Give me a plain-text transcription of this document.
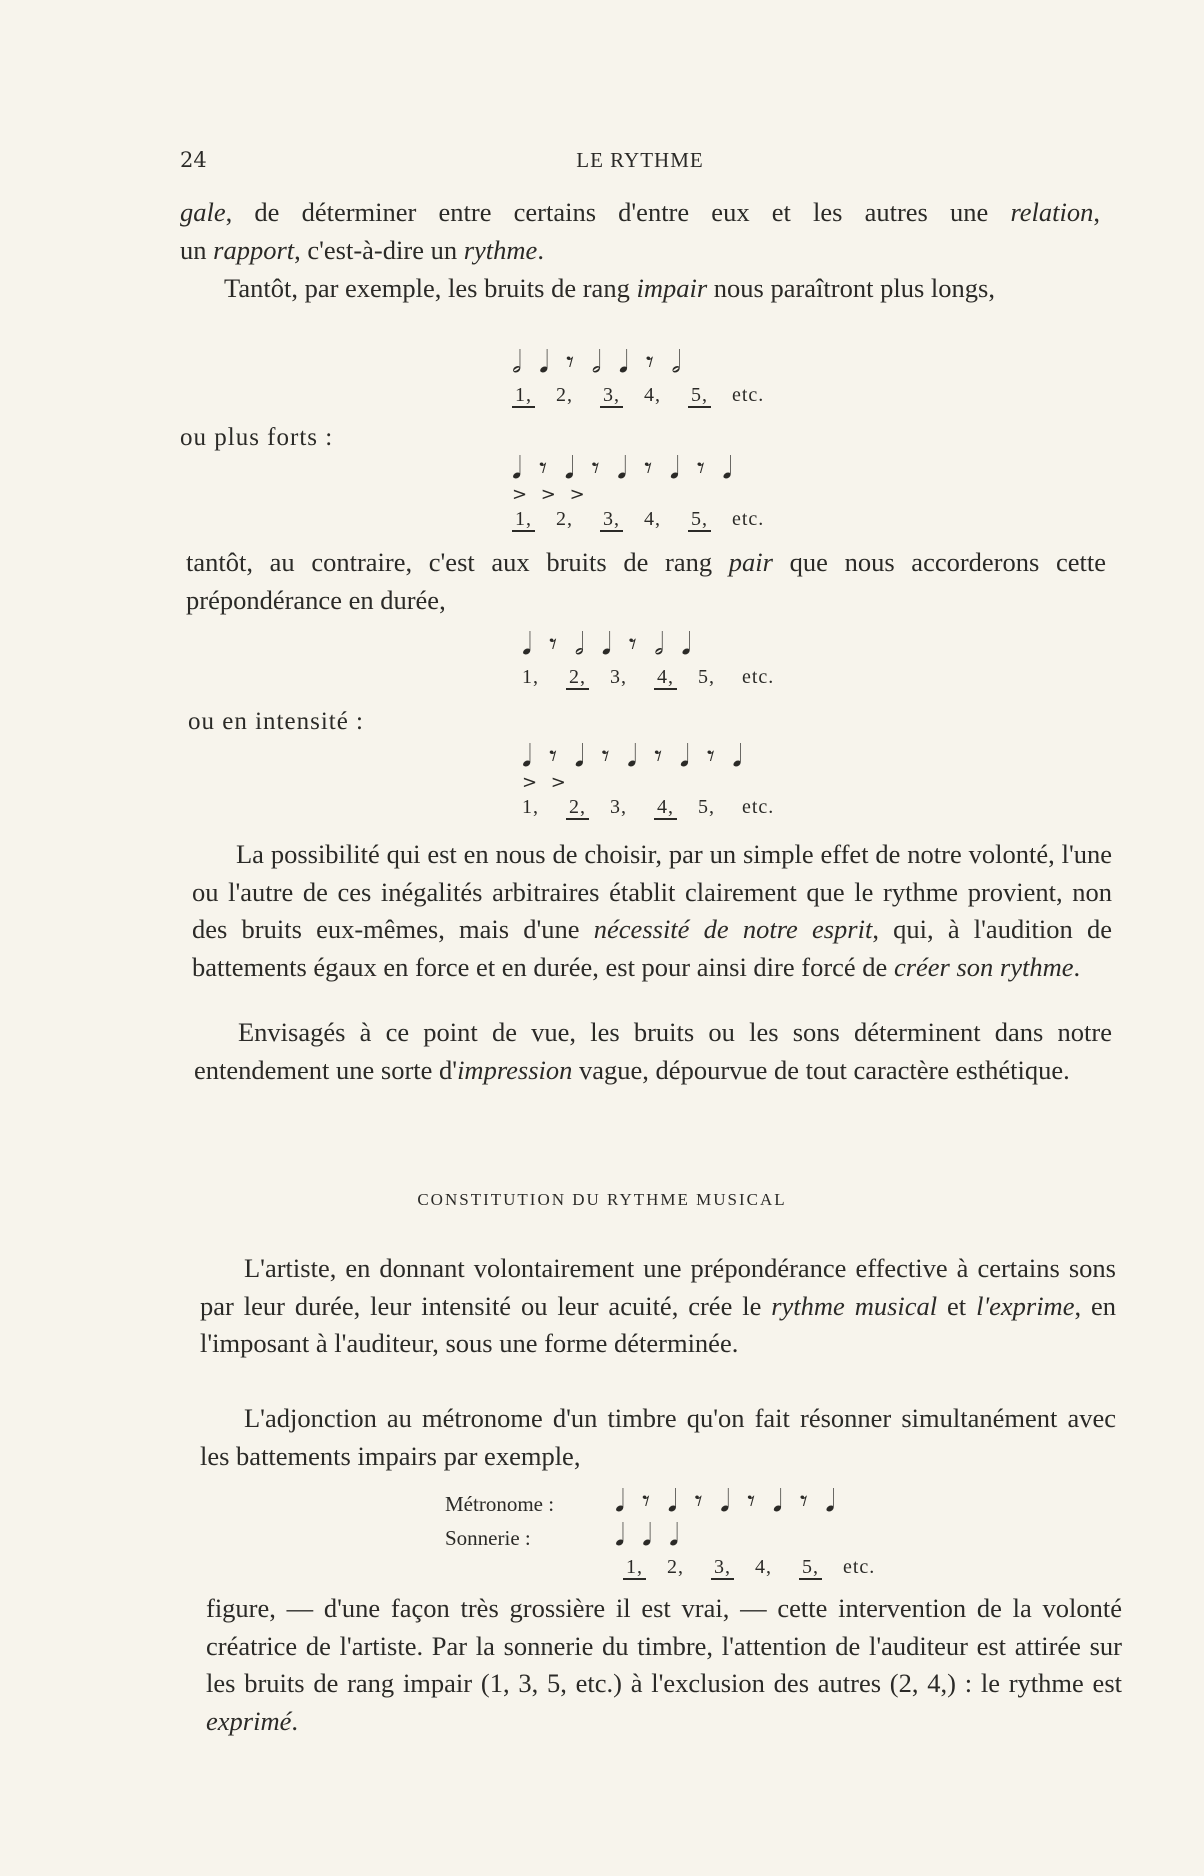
24	LE RYTHME
gale, de déterminer entre certains d'entre eux et les autres une relation,
un rapport, c'est-à-dire un rythme.
Tantôt, par exemple, les bruits de rang impair nous paraîtront plus longs,
𝅗𝅥 𝅘𝅥 𝄾 𝅗𝅥 𝅘𝅥 𝄾 𝅗𝅥
1, 2, 3, 4, 5, etc.
ou plus forts :
𝅘𝅥 𝄾 𝅘𝅥 𝄾 𝅘𝅥 𝄾 𝅘𝅥 𝄾 𝅘𝅥
> > >
1, 2, 3, 4, 5, etc.
tantôt, au contraire, c'est aux bruits de rang pair que nous accorderons cette prépondérance en durée,
𝅘𝅥 𝄾 𝅗𝅥 𝅘𝅥 𝄾 𝅗𝅥 𝅘𝅥
1, 2, 3, 4, 5, etc.
ou en intensité :
𝅘𝅥 𝄾 𝅘𝅥 𝄾 𝅘𝅥 𝄾 𝅘𝅥 𝄾 𝅘𝅥
> >
1, 2, 3, 4, 5, etc.
La possibilité qui est en nous de choisir, par un simple effet de notre volonté, l'une ou l'autre de ces inégalités arbitraires établit clairement que le rythme provient, non des bruits eux-mêmes, mais d'une nécessité de notre esprit, qui, à l'audition de battements égaux en force et en durée, est pour ainsi dire forcé de créer son rythme.
Envisagés à ce point de vue, les bruits ou les sons déterminent dans notre entendement une sorte d'impression vague, dépourvue de tout caractère esthétique.
CONSTITUTION DU RYTHME MUSICAL
L'artiste, en donnant volontairement une prépondérance effective à certains sons par leur durée, leur intensité ou leur acuité, crée le rythme musical et l'exprime, en l'imposant à l'auditeur, sous une forme déterminée.
L'adjonction au métronome d'un timbre qu'on fait résonner simultanément avec les battements impairs par exemple,
Métronome : 𝅘𝅥 𝄾 𝅘𝅥 𝄾 𝅘𝅥 𝄾 𝅘𝅥 𝄾 𝅘𝅥
Sonnerie :	𝅘𝅥 𝅘𝅥 𝅘𝅥
1, 2, 3, 4, 5, etc.
figure, — d'une façon très grossière il est vrai, — cette intervention de la volonté créatrice de l'artiste. Par la sonnerie du timbre, l'attention de l'auditeur est attirée sur les bruits de rang impair (1, 3, 5, etc.) à l'exclusion des autres (2, 4,) : le rythme est exprimé.
